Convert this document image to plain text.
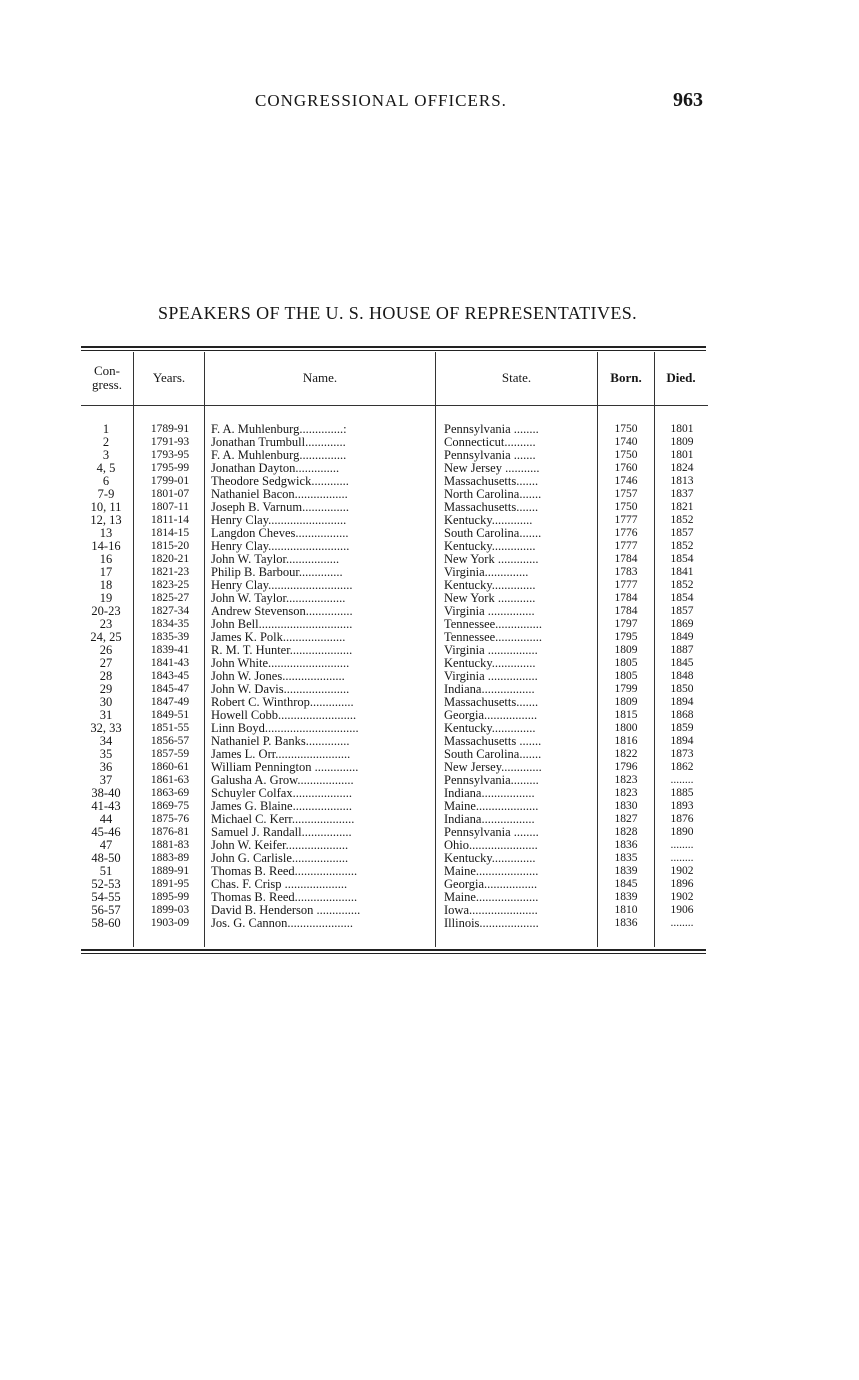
CONGRESSIONAL OFFICERS.	963
SPEAKERS OF THE U. S. HOUSE OF REPRESENTATIVES.
Con-
gress.	Years.	Name.	State.	Born.	Died.
1	1789-91	F. A. Muhlenburg..............:	Pennsylvania ........	1750	1801
2	1791-93	Jonathan Trumbull.............	Connecticut..........	1740	1809
3	1793-95	F. A. Muhlenburg...............	Pennsylvania .......	1750	1801
4, 5	1795-99	Jonathan Dayton..............	New Jersey ...........	1760	1824
6	1799-01	Theodore Sedgwick............	Massachusetts.......	1746	1813
7-9	1801-07	Nathaniel Bacon.................	North Carolina.......	1757	1837
10, 11	1807-11	Joseph B. Varnum...............	Massachusetts.......	1750	1821
12, 13	1811-14	Henry Clay.........................	Kentucky.............	1777	1852
13	1814-15	Langdon Cheves.................	South Carolina.......	1776	1857
14-16	1815-20	Henry Clay..........................	Kentucky..............	1777	1852
16	1820-21	John W. Taylor.................	New York .............	1784	1854
17	1821-23	Philip B. Barbour..............	Virginia..............	1783	1841
18	1823-25	Henry Clay...........................	Kentucky..............	1777	1852
19	1825-27	John W. Taylor...................	New York ............	1784	1854
20-23	1827-34	Andrew Stevenson...............	Virginia ...............	1784	1857
23	1834-35	John Bell..............................	Tennessee...............	1797	1869
24, 25	1835-39	James K. Polk....................	Tennessee...............	1795	1849
26	1839-41	R. M. T. Hunter....................	Virginia ................	1809	1887
27	1841-43	John White..........................	Kentucky..............	1805	1845
28	1843-45	John W. Jones....................	Virginia ................	1805	1848
29	1845-47	John W. Davis.....................	Indiana.................	1799	1850
30	1847-49	Robert C. Winthrop..............	Massachusetts.......	1809	1894
31	1849-51	Howell Cobb.........................	Georgia.................	1815	1868
32, 33	1851-55	Linn Boyd..............................	Kentucky..............	1800	1859
34	1856-57	Nathaniel P. Banks..............	Massachusetts .......	1816	1894
35	1857-59	James L. Orr........................	South Carolina.......	1822	1873
36	1860-61	William Pennington ..............	New Jersey.............	1796	1862
37	1861-63	Galusha A. Grow..................	Pennsylvania.........	1823	........
38-40	1863-69	Schuyler Colfax...................	Indiana.................	1823	1885
41-43	1869-75	James G. Blaine...................	Maine....................	1830	1893
44	1875-76	Michael C. Kerr....................	Indiana.................	1827	1876
45-46	1876-81	Samuel J. Randall................	Pennsylvania ........	1828	1890
47	1881-83	John W. Keifer....................	Ohio......................	1836	........
48-50	1883-89	John G. Carlisle..................	Kentucky..............	1835	........
51	1889-91	Thomas B. Reed....................	Maine....................	1839	1902
52-53	1891-95	Chas. F. Crisp ....................	Georgia.................	1845	1896
54-55	1895-99	Thomas B. Reed....................	Maine....................	1839	1902
56-57	1899-03	David B. Henderson ..............	Iowa......................	1810	1906
58-60	1903-09	Jos. G. Cannon.....................	Illinois...................	1836	........
